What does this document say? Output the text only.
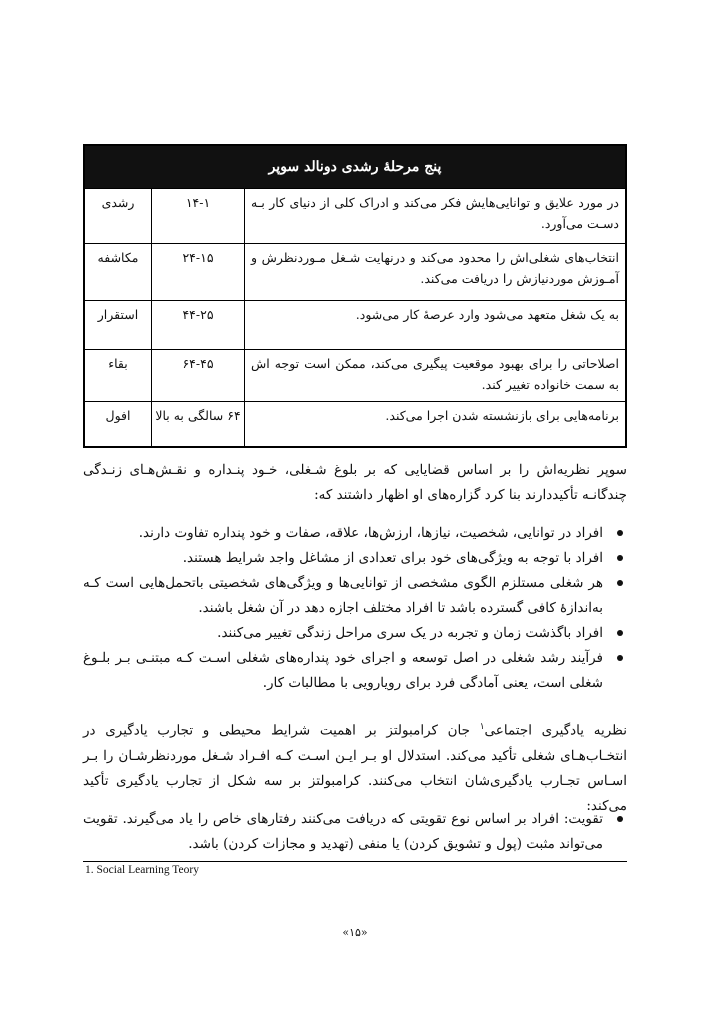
پنج مرحلۀ رشدی دونالد سوپر		
در مورد علایق و توانایی‌هایش فکر می‌کند و ادراک کلی از دنیای کار بـه دسـت می‌آورد.	۱۴-۱	رشدی
انتخاب‌های شغلی‌اش را محدود می‌کند و درنهایت شـغل مـوردنظرش و آمـوزش موردنیازش را دریافت می‌کند.	۲۴-۱۵	مکاشفه
به یک شغل متعهد می‌شود وارد عرصۀ کار می‌شود.	۴۴-۲۵	استقرار
اصلاحاتی را برای بهبود موقعیت پیگیری می‌کند، ممکن است توجه اش به سمت خانواده تغییر کند.	۶۴-۴۵	بقاء
برنامه‌هایی برای بازنشسته شدن اجرا می‌کند.	۶۴ سالگی به بالا	افول
سوپر نظریه‌اش را بر اساس قضایایی که بر بلوغ شـغلی، خـود پنـداره و نقـش‌هـای زنـدگی چندگانـه تأکیددارند بنا کرد گزاره‌های او اظهار داشتند که:
افراد در توانایی، شخصیت، نیازها، ارزش‌ها، علاقه، صفات و خود پنداره تفاوت دارند.
افراد با توجه به ویژگی‌های خود برای تعدادی از مشاغل واجد شرایط هستند.
هر شغلی مستلزم الگوی مشخصی از توانایی‌ها و ویژگی‌های شخصیتی باتحمل‌هایی است کـه به‌اندازۀ کافی گسترده باشد تا افراد مختلف اجازه دهد در آن شغل باشند.
افراد باگذشت زمان و تجربه در یک سری مراحل زندگی تغییر می‌کنند.
فرآیند رشد شغلی در اصل توسعه و اجرای خود پنداره‌های شغلی اسـت کـه مبتنـی بـر بلـوغ شغلی است، یعنی آمادگی فرد برای رویارویی با مطالبات کار.
نظریه یادگیری اجتماعی$^۱$ جان کرامبولتز بر اهمیت شرایط محیطی و تجارب یادگیری در انتخـاب‌هـای شغلی تأکید می‌کند. استدلال او بـر ایـن اسـت کـه افـراد شـغل موردنظرشـان را بـر اسـاس تجـارب یادگیری‌شان انتخاب می‌کنند. کرامبولتز بر سه شکل از تجارب یادگیری تأکید می‌کند:
تقویت: افراد بر اساس نوع تقویتی که دریافت می‌کنند رفتارهای خاص را یاد می‌گیرند. تقویت می‌تواند مثبت (پول و تشویق کردن) یا منفی (تهدید و مجازات کردن) باشد.
1. Social Learning Teory
«۱۵»
